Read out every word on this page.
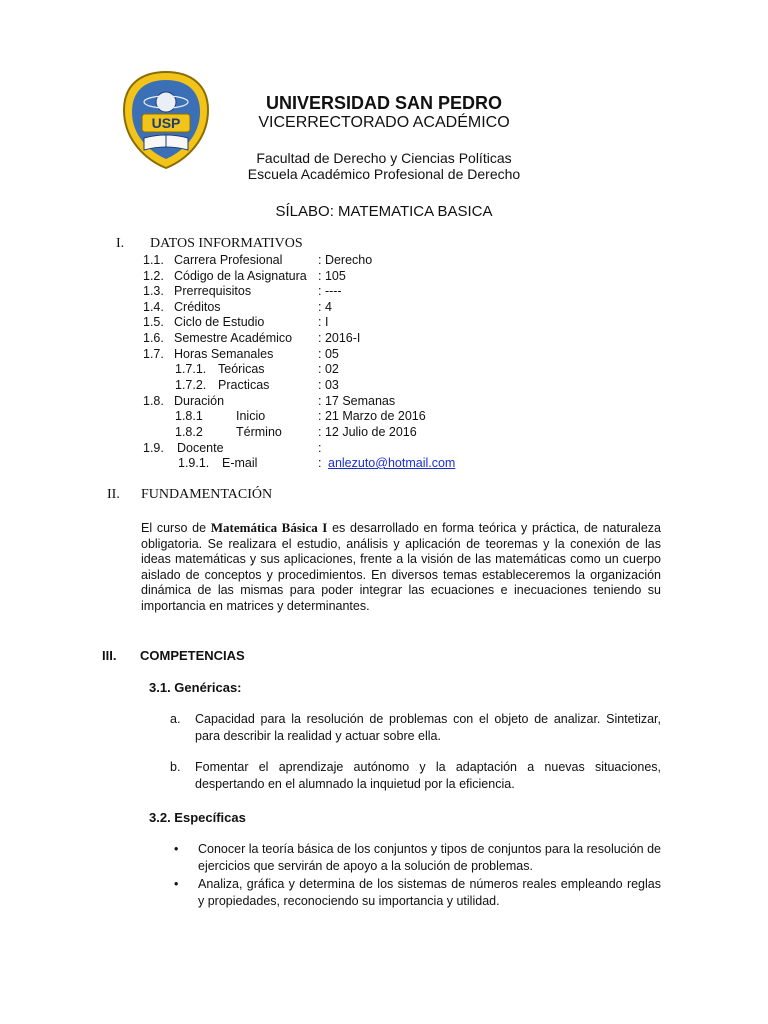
USP
UNIVERSIDAD SAN PEDRO
VICERRECTORADO ACADÉMICO
Facultad de Derecho y Ciencias Políticas
Escuela Académico Profesional de Derecho
SÍLABO: MATEMATICA BASICA
I. DATOS INFORMATIVOS
1.1. Carrera Profesional	: Derecho
1.2. Código de la Asignatura : 105
1.3. Prerrequisitos	: ----
1.4. Créditos	: 4
1.5. Ciclo de Estudio	: I
1.6. Semestre Académico : 2016-I
1.7. Horas Semanales	: 05
1.7.1. Teóricas	: 02
1.7.2. Practicas	: 03
1.8. Duración	: 17 Semanas
1.8.1	Inicio	: 21 Marzo de 2016
1.8.2	Término	: 12 Julio de 2016
1.9. Docente	:
1.9.1. E-mail	: anlezuto@hotmail.com
II. FUNDAMENTACIÓN
El curso de Matemática Básica I es desarrollado en forma teórica y práctica, de naturaleza obligatoria. Se realizara el estudio, análisis y aplicación de teoremas y la conexión de las ideas matemáticas y sus aplicaciones, frente a la visión de las matemáticas como un cuerpo aislado de conceptos y procedimientos. En diversos temas estableceremos la organización dinámica de las mismas para poder integrar las ecuaciones e inecuaciones teniendo su importancia en matrices y determinantes.
III. COMPETENCIAS
3.1. Genéricas:
a. Capacidad para la resolución de problemas con el objeto de analizar. Sintetizar, para describir la realidad y actuar sobre ella.
b. Fomentar el aprendizaje autónomo y la adaptación a nuevas situaciones, despertando en el alumnado la inquietud por la eficiencia.
3.2. Específicas
• Conocer la teoría básica de los conjuntos y tipos de conjuntos para la resolución de ejercicios que servirán de apoyo a la solución de problemas.
• Analiza, gráfica y determina de los sistemas de números reales empleando reglas y propiedades, reconociendo su importancia y utilidad.
